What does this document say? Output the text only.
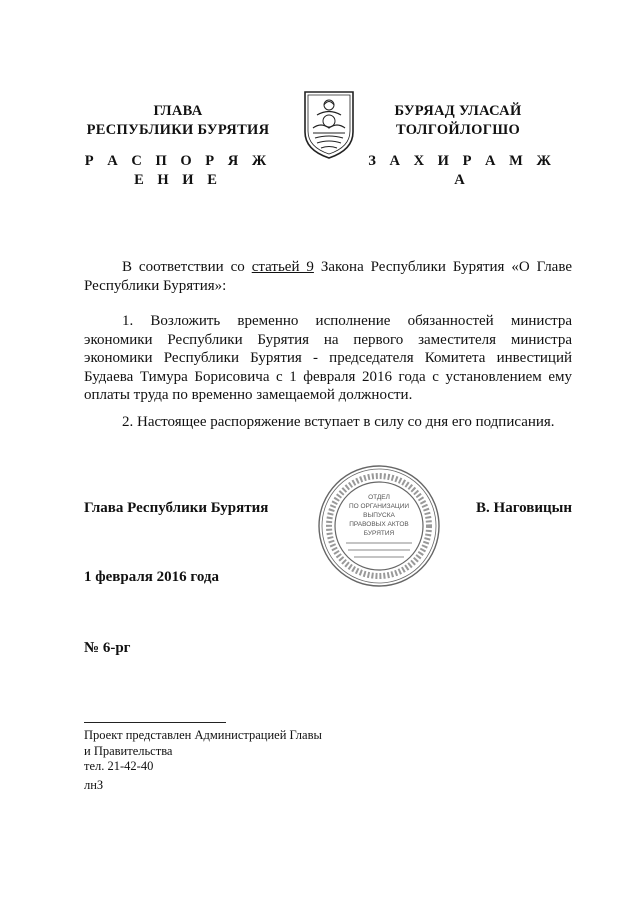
ГЛАВА
РЕСПУБЛИКИ БУРЯТИЯ
БУРЯАД УЛАСАЙ
ТОЛГОЙЛОГШО
Р А С П О Р Я Ж Е Н И Е
З А Х И Р А М Ж А
В соответствии со статьей 9 Закона Республики Бурятия «О Главе Республики Бурятия»:
1. Возложить временно исполнение обязанностей министра экономики Республики Бурятия на первого заместителя министра экономики Республики Бурятия - председателя Комитета инвестиций Будаева Тимура Борисовича с 1 февраля 2016 года с установлением ему оплаты труда по временно замещаемой должности.
2. Настоящее распоряжение вступает в силу со дня его подписания.
Глава Республики Бурятия
ОТДЕЛ
ПО ОРГАНИЗАЦИИ
ВЫПУСКА
ПРАВОВЫХ АКТОВ
БУРЯТИЯ
В. Наговицын
1 февраля 2016 года
№ 6-рг
Проект представлен Администрацией Главы
и Правительства
тел. 21-42-40
лнЗ
